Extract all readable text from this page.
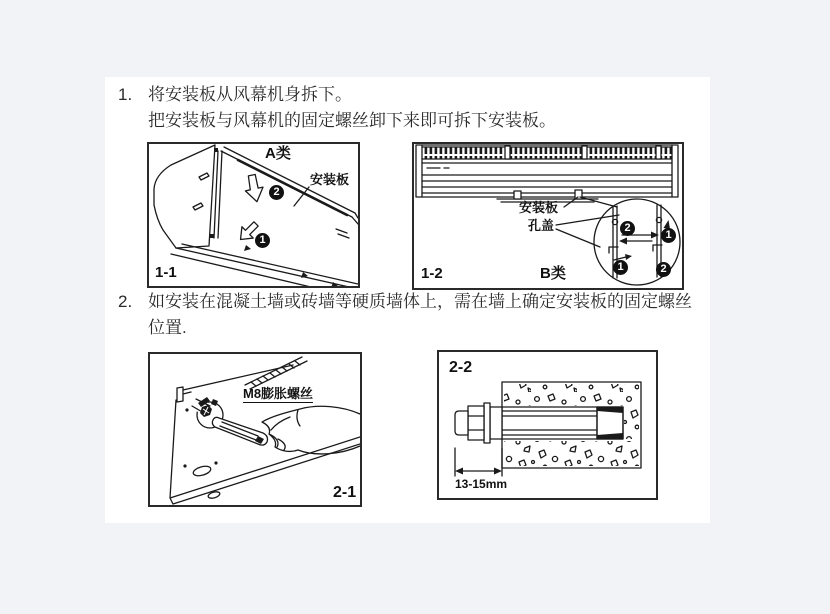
1. 将安装板从风幕机身拆下。
把安装板与风幕机的固定螺丝卸下来即可拆下安装板。
A类
安装板
2
1
1-1
安装板
孔盖	2
1
1	2
1-2	B类
2. 如安装在混凝土墙或砖墙等硬质墙体上，需在墙上确定安装板的固定螺丝
位置.
M8膨胀螺丝
2-1
2-2
13-15mm
